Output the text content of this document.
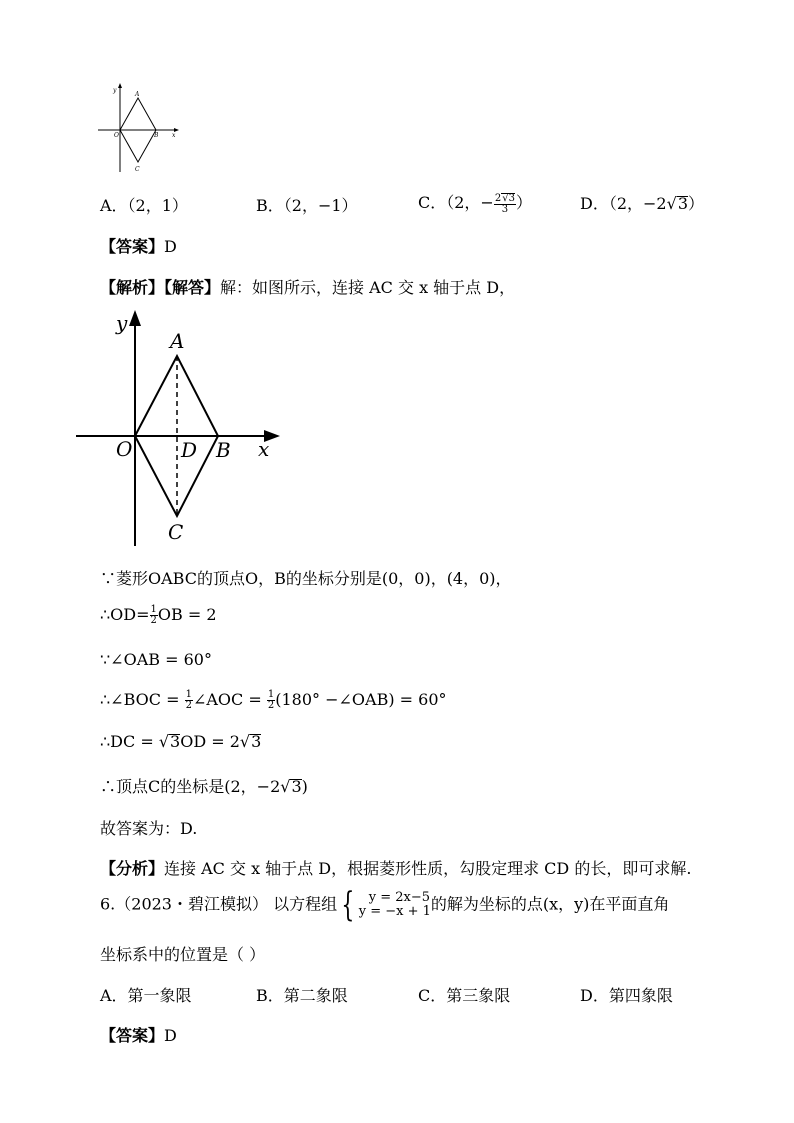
y
A
O	B x
C
A．（2，1）	B．（2，−1）	C．（2，− $\frac{2√3}{3}$ ）	D．（2，−2√3）
【答案】D
【解析】【解答】解：如图所示，连接 AC 交 x 轴于点 D，
y
A
O D B x
C
∵菱形OABC的顶点O，B的坐标分别是(0，0)，(4，0)，
∴OD= $\frac{1}{2}$ OB = 2
∵∠OAB = 60°
∴∠BOC = $\frac{1}{2}$ ∠AOC = $\frac{1}{2} (180^\circ$ −∠OAB) = 60°
∴DC = √3OD = 2√3
∴顶点C的坐标是(2，−2√3)
故答案为：D.
【分析】连接 AC 交 x 轴于点 D，根据菱形性质，勾股定理求 CD 的长，即可求解.
6.（2023・碧江模拟） 以方程组 {	y = 2x−5
y = −x + 1 的解为坐标的点(x，y)在平面直角
坐标系中的位置是（ ）
A．第一象限	B．第二象限	C．第三象限	D．第四象限
【答案】D
